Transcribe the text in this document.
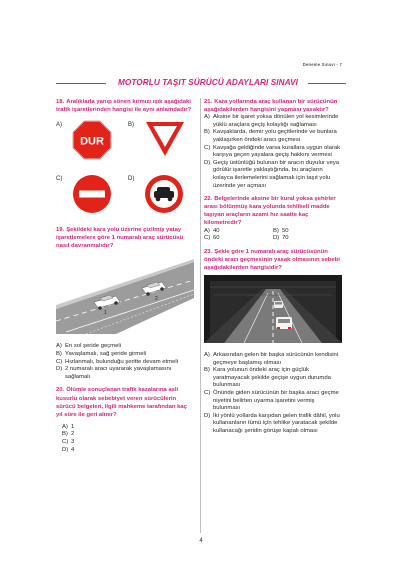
Deneme Sınavı - 7
MOTORLU TAŞIT SÜRÜCÜ ADAYLARI SINAVI
18. Aralıklarla yanıp sönen kırmızı ışık aşağıdaki trafik işaretlerinden hangisi ile aynı anlamdadır?
A)
DUR
B)
C)	D)
19. Şekildeki kara yolu üzerine çizilmiş yatay işaretlemelere göre 1 numaralı araç sürücüsü nasıl davranmalıdır?
1
2
A) En sol şeride geçmeli
B) Yavaşlamalı, sağ şeride girmeli
C) Hızlanmalı, bulunduğu şeritte devam etmeli
D) 2 numaralı aracı uyararak yavaşlamasını sağlamalı
20. Ölümle sonuçlanan trafik kazalarına asli kusurlu olarak sebebiyet veren sürücülerin sürücü belgeleri, ilgili mahkeme tarafından kaç yıl süre ile geri alınır?
A) 1
B) 2
C) 3
D) 4
21. Kara yollarında araç kullanan bir sürücünün aşağıdakilerden hangisini yapması yasaktır?
A) Aksine bir işaret yoksa dönülen yol kesimlerinde yüklü araçlara geçiş kolaylığı sağlaması
B) Kavşaklarda, demir yolu geçitlerinde ve bunlara yaklaşırken öndeki aracı geçmesi
C) Kavşağa geldiğinde varsa kurallara uygun olarak karşıya geçen yayalara geçiş hakkını vermesi
D) Geçiş üstünlüğü bulunan bir aracın duyulur veya görülür işaretle yaklaştığında, bu araçların kolayca ilerlemelerini sağlamak için taşıt yolu üzerinde yer açması
22. Belgelerinde aksine bir kural yoksa şehirler arası bölünmüş kara yolunda tehlikeli madde taşıyan araçların azami hız saatte kaç kilometredir?
A) 40	B) 50
C) 60	D) 70
23. Şekle göre 1 numaralı araç sürücüsünün öndeki aracı geçmesinin yasak olmasının sebebi aşağıdakilerden hangisidir?
A) Arkasından gelen bir başka sürücünün kendisini geçmeye başlamış olması
B) Kara yolunun öndeki araç için güçlük yaratmayacak şekilde geçişe uygun durumda bulunması
C) Önünde giden sürücünün bir başka aracı geçme niyetini belirten uyarma işaretini vermiş bulunması
D) İki yönlü yollarda karşıdan gelen trafik dâhil, yolu kullananların tümü için tehlike yaratacak şekilde kullanacağı şeridin görüşe kapalı olması
4
